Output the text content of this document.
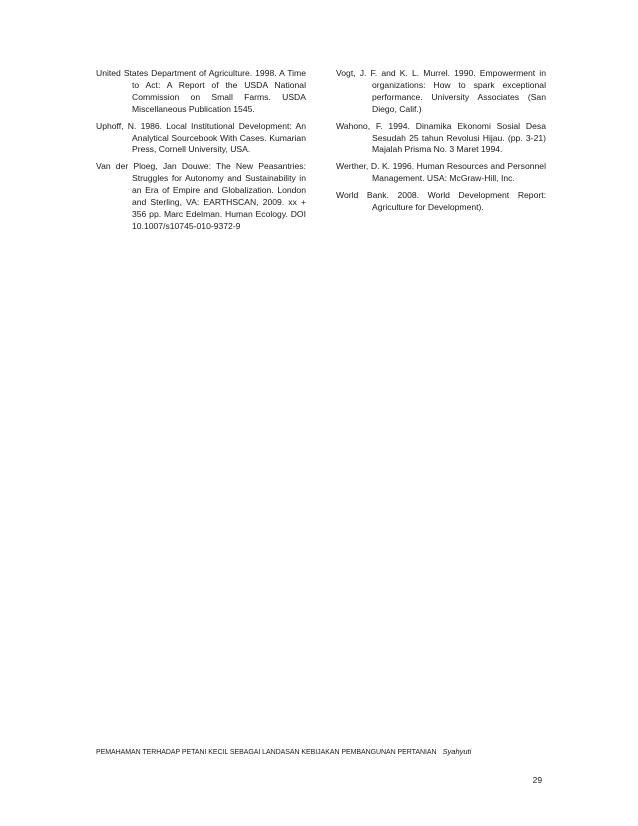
United States Department of Agriculture. 1998. A Time to Act: A Report of the USDA National Commission on Small Farms. USDA Miscellaneous Publication 1545.

Uphoff, N. 1986. Local Institutional Development: An Analytical Sourcebook With Cases. Kumarian Press, Cornell University, USA.

Van der Ploeg, Jan Douwe: The New Peasantries: Struggles for Autonomy and Sustainability in an Era of Empire and Globalization. London and Sterling, VA: EARTHSCAN, 2009. xx + 356 pp. Marc Edelman. Human Ecology. DOI 10.1007/s10745-010-9372-9

Vogt, J. F. and K. L. Murrel. 1990. Empowerment in organizations: How to spark exceptional performance. University Associates (San Diego, Calif.)

Wahono, F. 1994. Dinamika Ekonomi Sosial Desa Sesudah 25 tahun Revolusi Hijau. (pp. 3-21) Majalah Prisma No. 3 Maret 1994.

Werther, D. K. 1996. Human Resources and Personnel Management. USA: McGraw-Hill, Inc.

World Bank. 2008. World Development Report: Agriculture for Development).

PEMAHAMAN TERHADAP PETANI KECIL SEBAGAI LANDASAN KEBIJAKAN PEMBANGUNAN PERTANIAN Syahyuti
29
